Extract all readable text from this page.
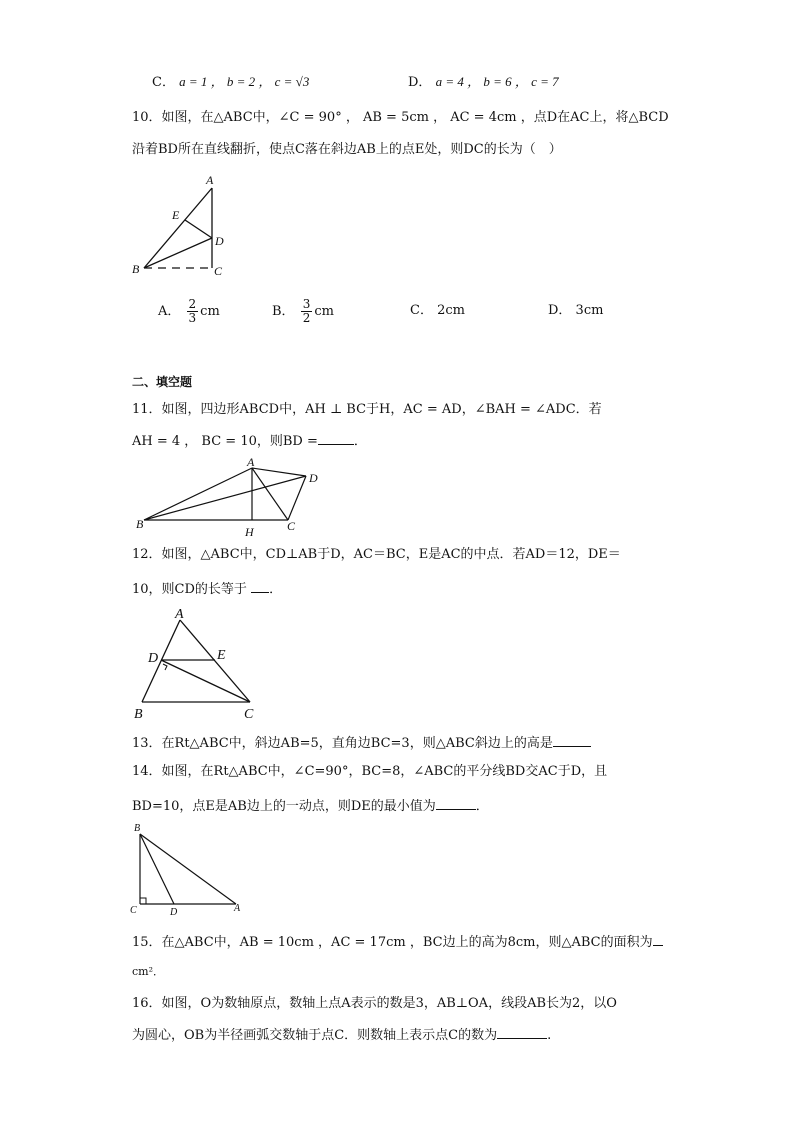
C． a = 1 ， b = 2 ， c = √3	D． a = 4 ， b = 6 ， c = 7
10．如图，在△ABC中，∠C = 90° ， AB = 5cm ， AC = 4cm ，点D在AC上，将△BCD
沿着BD所在直线翻折，使点C落在斜边AB上的点E处，则DC的长为（　）
A
E
D
B	C
A． $\frac{2}{3}$ cm	B． $\frac{3}{2}$ cm	C． 2cm	D． 3cm
二、填空题
11．如图，四边形ABCD中，AH ⊥ BC于H，AC = AD，∠BAH = ∠ADC．若
AH = 4 ， BC = 10，则BD =	．
A
D
B
H	C
12．如图，△ABC中，CD⊥AB于D，AC＝BC，E是AC的中点．若AD＝12，DE＝
10，则CD的长等于 ．
A
D	E
B	C
13．在Rt△ABC中，斜边AB=5，直角边BC=3，则△ABC斜边上的高是
14．如图，在Rt△ABC中，∠C=90°，BC=8，∠ABC的平分线BD交AC于D，且
BD=10，点E是AB边上的一动点，则DE的最小值为	．
B
C	D	A
15．在△ABC中，AB = 10cm ，AC = 17cm ，BC边上的高为8cm，则△ABC的面积为
cm²．
16．如图，O为数轴原点，数轴上点A表示的数是3，AB⊥OA，线段AB长为2，以O
为圆心，OB为半径画弧交数轴于点C．则数轴上表示点C的数为	.
